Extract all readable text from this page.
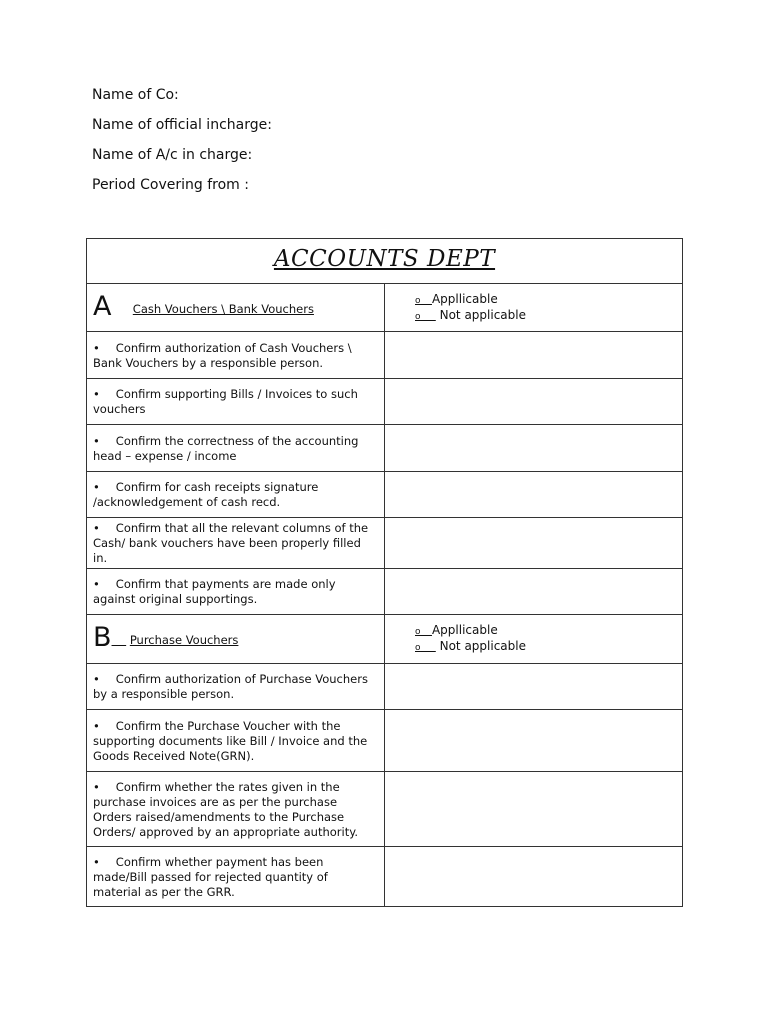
Name of Co:
Name of official incharge:
Name of A/c in charge:
Period Covering from :
ACCOUNTS DEPT	
A Cash Vouchers \ Bank Vouchers	o Appllicable
o Not applicable

• Confirm authorization of Cash Vouchers \ Bank Vouchers by a responsible person.	
• Confirm supporting Bills / Invoices to such vouchers	
• Confirm the correctness of the accounting head – expense / income	
• Confirm for cash receipts signature /acknowledgement of cash recd.	
• Confirm that all the relevant columns of the Cash/ bank vouchers have been properly filled in.	
• Confirm that payments are made only against original supportings.	
B Purchase Vouchers	o Appllicable
o Not applicable

• Confirm authorization of Purchase Vouchers by a responsible person.	
• Confirm the Purchase Voucher with the supporting documents like Bill / Invoice and the Goods Received Note(GRN).	
• Confirm whether the rates given in the purchase invoices are as per the purchase Orders raised/amendments to the Purchase Orders/ approved by an appropriate authority.	
• Confirm whether payment has been made/Bill passed for rejected quantity of material as per the GRR.	
